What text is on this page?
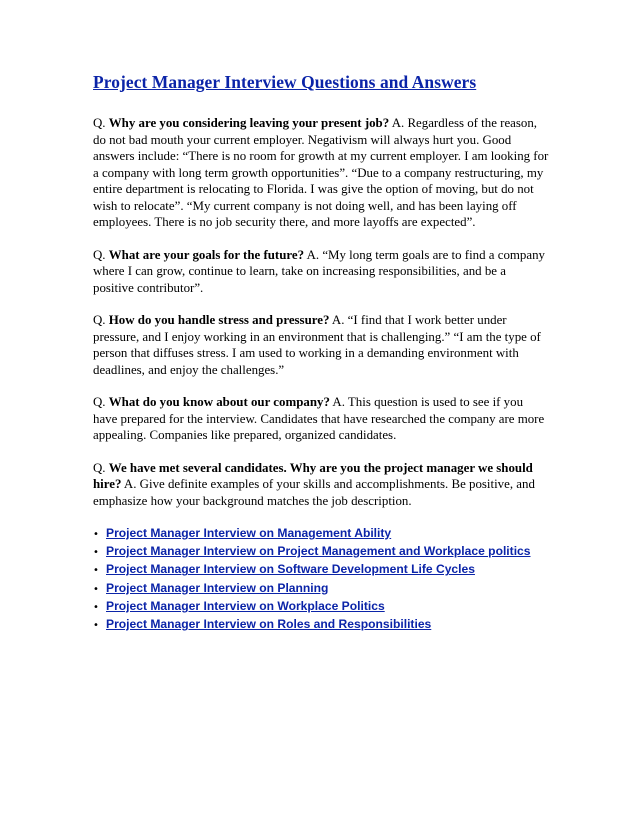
Project Manager Interview Questions and Answers

Q. Why are you considering leaving your present job? A. Regardless of the reason, do not bad mouth your current employer. Negativism will always hurt you. Good answers include: “There is no room for growth at my current employer. I am looking for a company with long term growth opportunities”. “Due to a company restructuring, my entire department is relocating to Florida. I was give the option of moving, but do not wish to relocate”. “My current company is not doing well, and has been laying off employees. There is no job security there, and more layoffs are expected”.

Q. What are your goals for the future? A. “My long term goals are to find a company where I can grow, continue to learn, take on increasing responsibilities, and be a positive contributor”.

Q. How do you handle stress and pressure? A. “I find that I work better under pressure, and I enjoy working in an environment that is challenging.” “I am the type of person that diffuses stress. I am used to working in a demanding environment with deadlines, and enjoy the challenges.”

Q. What do you know about our company? A. This question is used to see if you have prepared for the interview. Candidates that have researched the company are more appealing. Companies like prepared, organized candidates.

Q. We have met several candidates. Why are you the project manager we should hire? A. Give definite examples of your skills and accomplishments. Be positive, and emphasize how your background matches the job description.

• Project Manager Interview on Management Ability
• Project Manager Interview on Project Management and Workplace politics
• Project Manager Interview on Software Development Life Cycles
• Project Manager Interview on Planning
• Project Manager Interview on Workplace Politics
• Project Manager Interview on Roles and Responsibilities
